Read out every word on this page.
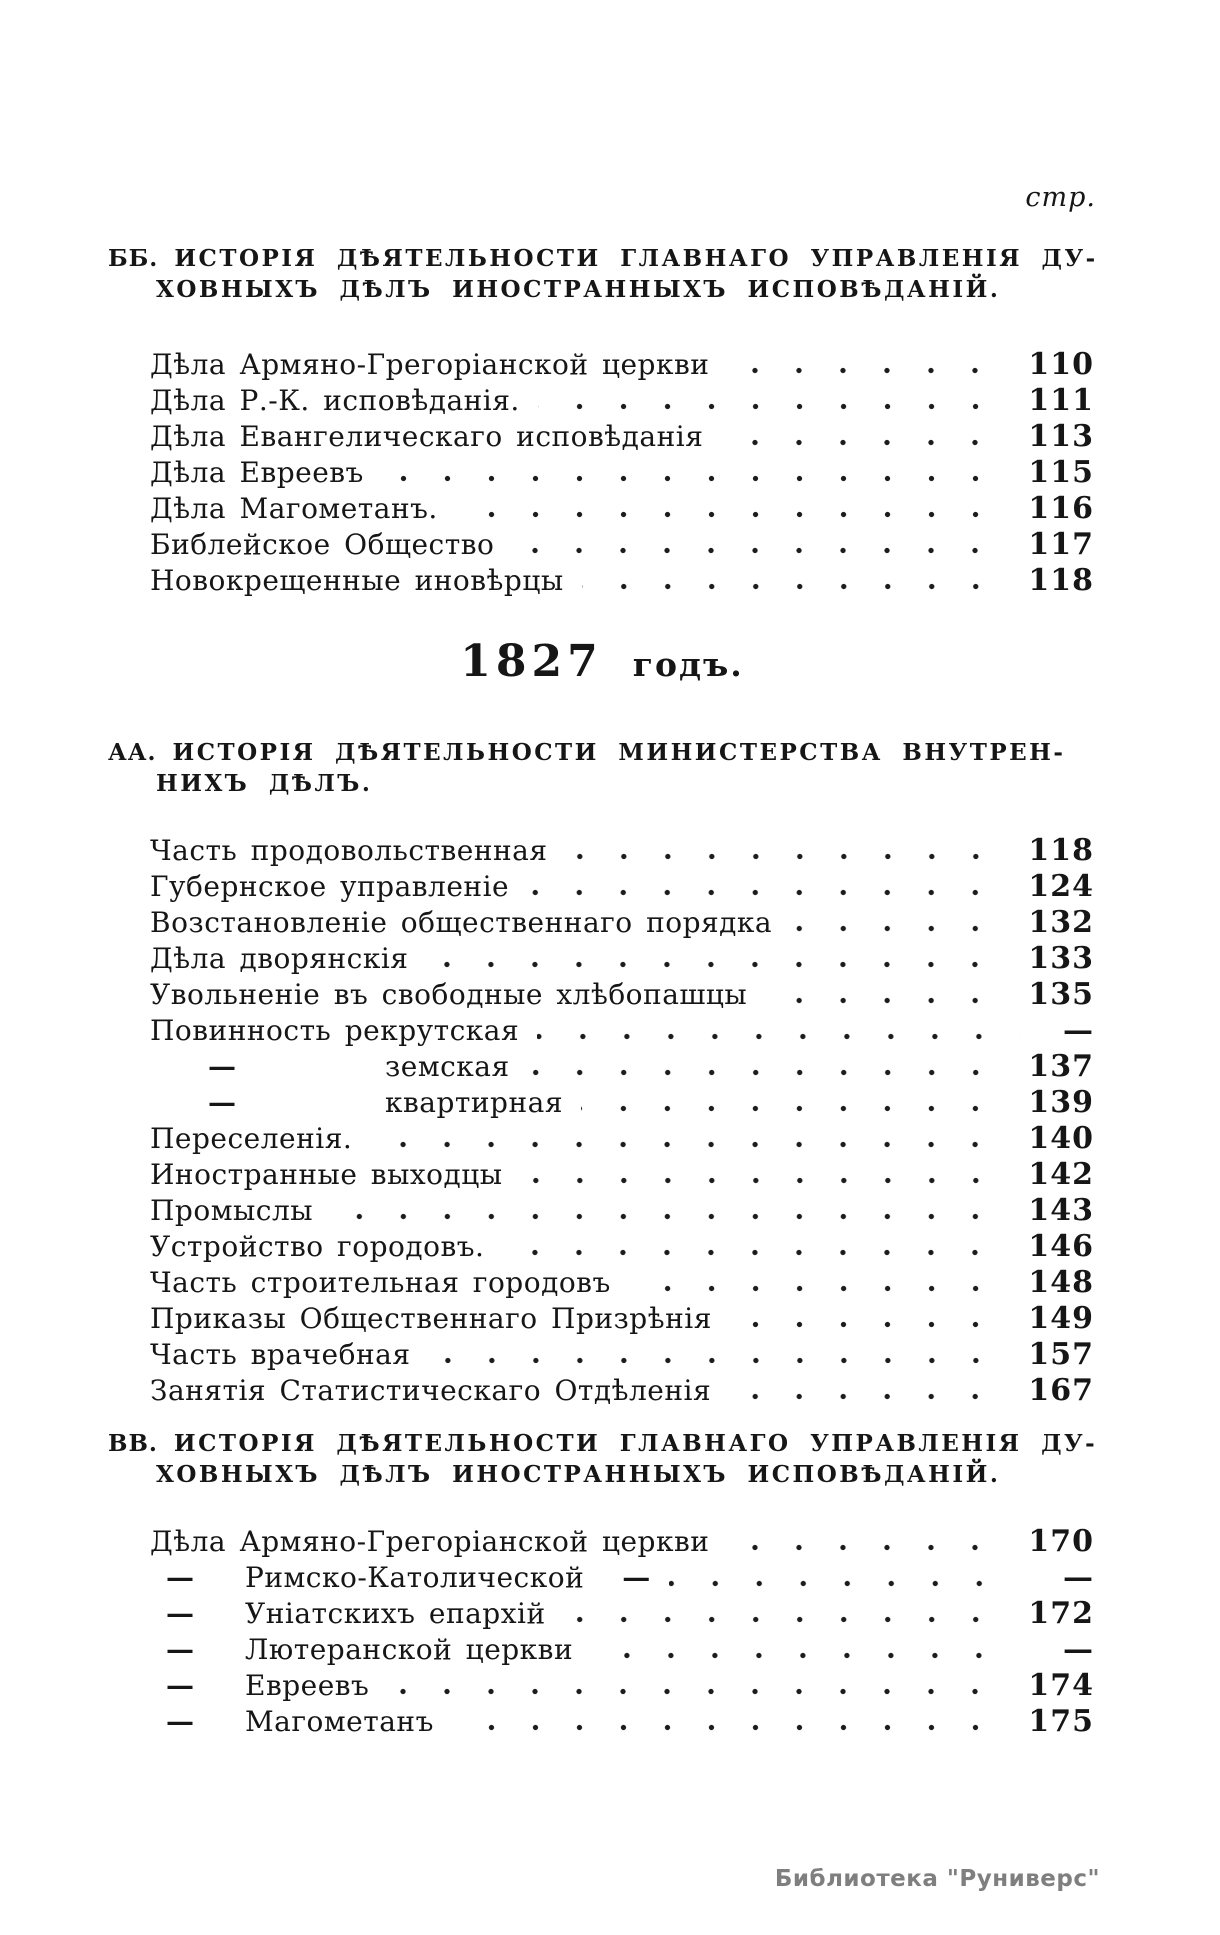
стр.
ББ. ИСТОРІЯ ДѢЯТЕЛЬНОСТИ ГЛАВНАГО УПРАВЛЕНІЯ ДУ-
ХОВНЫХЪ ДѢЛЪ ИНОСТРАННЫХЪ ИСПОВѢДАНІЙ.
Дѣла Армяно-Грегоріанской церкви	110
Дѣла Р.-К. исповѣданія.	111
Дѣла Евангелическаго исповѣданія	113
Дѣла Евреевъ	115
Дѣла Магометанъ.	116
Библейское Общество	117
Новокрещенные иновѣрцы	118
1827 годъ.
АА. ИСТОРІЯ ДѢЯТЕЛЬНОСТИ МИНИСТЕРСТВА ВНУТРЕН-
НИХЪ ДѢЛЪ.
Часть продовольственная	118
Губернское управленіе	124
Возстановленіе общественнаго порядка	132
Дѣла дворянскія	133
Увольненіе въ свободные хлѣбопашцы	135
Повинность рекрутская	—
—	земская	137
—	квартирная	139
Переселенія.	140
Иностранные выходцы	142
Промыслы	143
Устройство городовъ.	146
Часть строительная городовъ	148
Приказы Общественнаго Призрѣнія	149
Часть врачебная	157
Занятія Статистическаго Отдѣленія	167
ВВ. ИСТОРІЯ ДѢЯТЕЛЬНОСТИ ГЛАВНАГО УПРАВЛЕНІЯ ДУ-
ХОВНЫХЪ ДѢЛЪ ИНОСТРАННЫХЪ ИСПОВѢДАНІЙ.
Дѣла Армяно-Грегоріанской церкви	170
—	Римско-Католической —	—
—	Уніатскихъ епархій	172
—	Лютеранской церкви	—
—	Евреевъ	174
—	Магометанъ	175
Библиотека "Руниверс"
